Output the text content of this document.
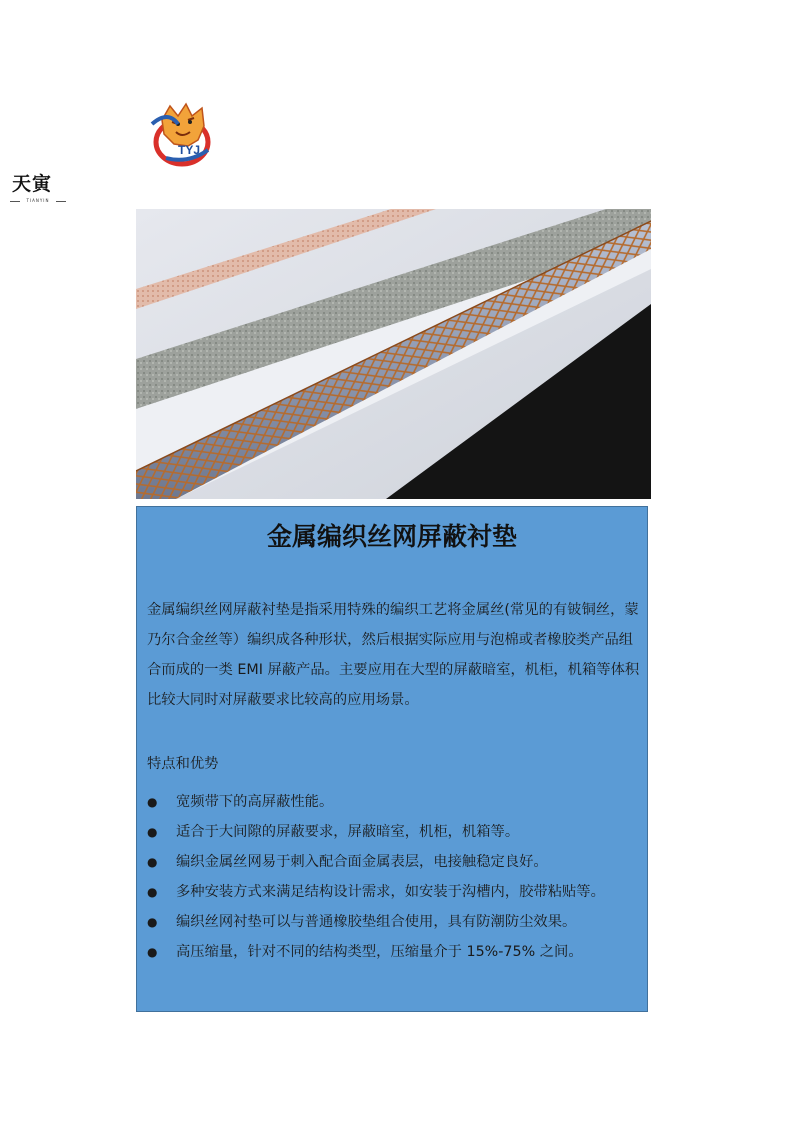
TYJ
天寅
TIANYIN
金属编织丝网屏蔽衬垫

金属编织丝网屏蔽衬垫是指采用特殊的编织工艺将金属丝(常见的有铍铜丝，蒙乃尔合金丝等）编织成各种形状，然后根据实际应用与泡棉或者橡胶类产品组合而成的一类 EMI 屏蔽产品。主要应用在大型的屏蔽暗室，机柜，机箱等体积比较大同时对屏蔽要求比较高的应用场景。

特点和优势
● 宽频带下的高屏蔽性能。
● 适合于大间隙的屏蔽要求，屏蔽暗室，机柜，机箱等。
● 编织金属丝网易于刺入配合面金属表层，电接触稳定良好。
● 多种安装方式来满足结构设计需求，如安装于沟槽内，胶带粘贴等。
● 编织丝网衬垫可以与普通橡胶垫组合使用，具有防潮防尘效果。
● 高压缩量，针对不同的结构类型，压缩量介于 15%-75% 之间。
